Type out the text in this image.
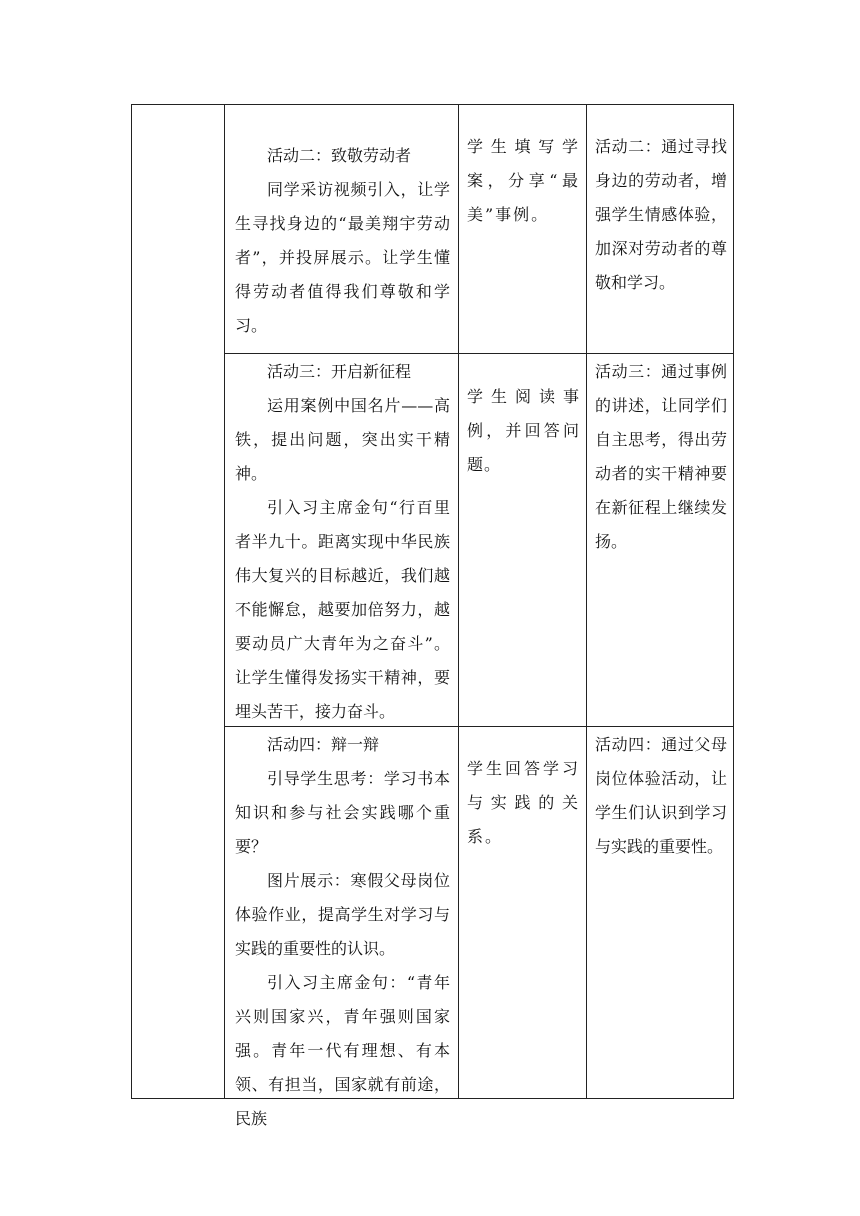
活动二：致敬劳动者

同学采访视频引入，让学生寻找身边的“最美翔宇劳动者”，并投屏展示。让学生懂得劳动者值得我们尊敬和学习。

学生填写学案，分享“最美”事例。

活动二：通过寻找身边的劳动者，增强学生情感体验，加深对劳动者的尊敬和学习。

活动三：开启新征程

运用案例中国名片——高铁，提出问题，突出实干精神。

引入习主席金句“行百里者半九十。距离实现中华民族伟大复兴的目标越近，我们越不能懈怠，越要加倍努力，越要动员广大青年为之奋斗”。让学生懂得发扬实干精神，要埋头苦干，接力奋斗。

学生阅读事例，并回答问题。

活动三：通过事例的讲述，让同学们自主思考，得出劳动者的实干精神要在新征程上继续发扬。

活动四：辩一辩

引导学生思考：学习书本知识和参与社会实践哪个重要？

图片展示：寒假父母岗位体验作业，提高学生对学习与实践的重要性的认识。

引入习主席金句：“青年兴则国家兴，青年强则国家强。青年一代有理想、有本领、有担当，国家就有前途，民族

学生回答学习与实践的关系。

活动四：通过父母岗位体验活动，让学生们认识到学习与实践的重要性。
